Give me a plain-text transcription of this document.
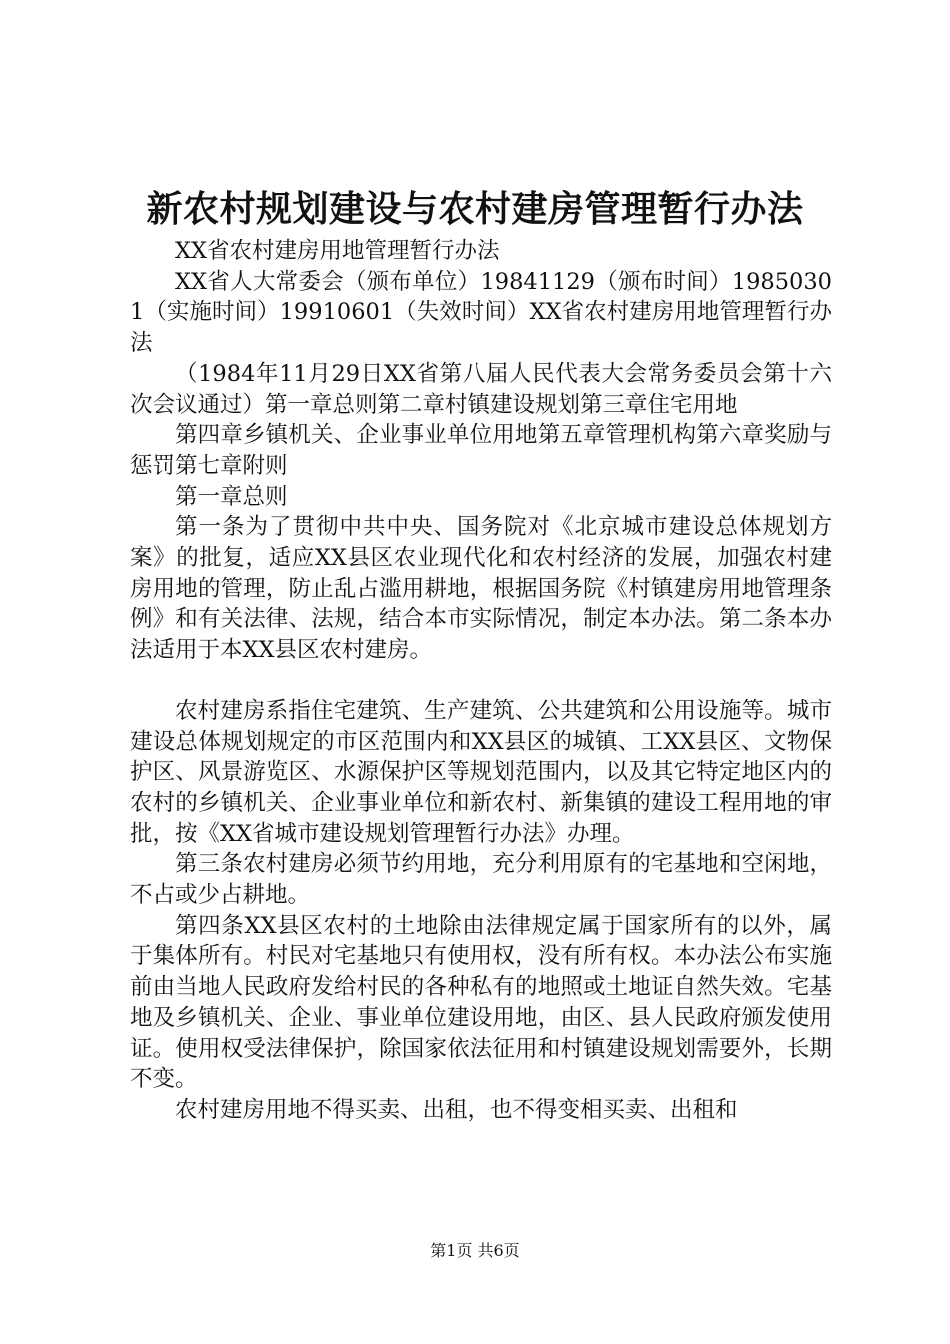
新农村规划建设与农村建房管理暂行办法

XX省农村建房用地管理暂行办法

XX省人大常委会（颁布单位）19841129（颁布时间）19850301（实施时间）19910601（失效时间）XX省农村建房用地管理暂行办法

（1984年11月29日XX省第八届人民代表大会常务委员会第十六次会议通过）第一章总则第二章村镇建设规划第三章住宅用地

第四章乡镇机关、企业事业单位用地第五章管理机构第六章奖励与惩罚第七章附则

第一章总则

第一条为了贯彻中共中央、国务院对《北京城市建设总体规划方案》的批复，适应XX县区农业现代化和农村经济的发展，加强农村建房用地的管理，防止乱占滥用耕地，根据国务院《村镇建房用地管理条例》和有关法律、法规，结合本市实际情况，制定本办法。第二条本办法适用于本XX县区农村建房。

农村建房系指住宅建筑、生产建筑、公共建筑和公用设施等。城市建设总体规划规定的市区范围内和XX县区的城镇、工XX县区、文物保护区、风景游览区、水源保护区等规划范围内，以及其它特定地区内的农村的乡镇机关、企业事业单位和新农村、新集镇的建设工程用地的审批，按《XX省城市建设规划管理暂行办法》办理。

第三条农村建房必须节约用地，充分利用原有的宅基地和空闲地，不占或少占耕地。

第四条XX县区农村的土地除由法律规定属于国家所有的以外，属于集体所有。村民对宅基地只有使用权，没有所有权。本办法公布实施前由当地人民政府发给村民的各种私有的地照或土地证自然失效。宅基地及乡镇机关、企业、事业单位建设用地，由区、县人民政府颁发使用证。使用权受法律保护，除国家依法征用和村镇建设规划需要外，长期不变。

农村建房用地不得买卖、出租，也不得变相买卖、出租和

第1页 共6页
